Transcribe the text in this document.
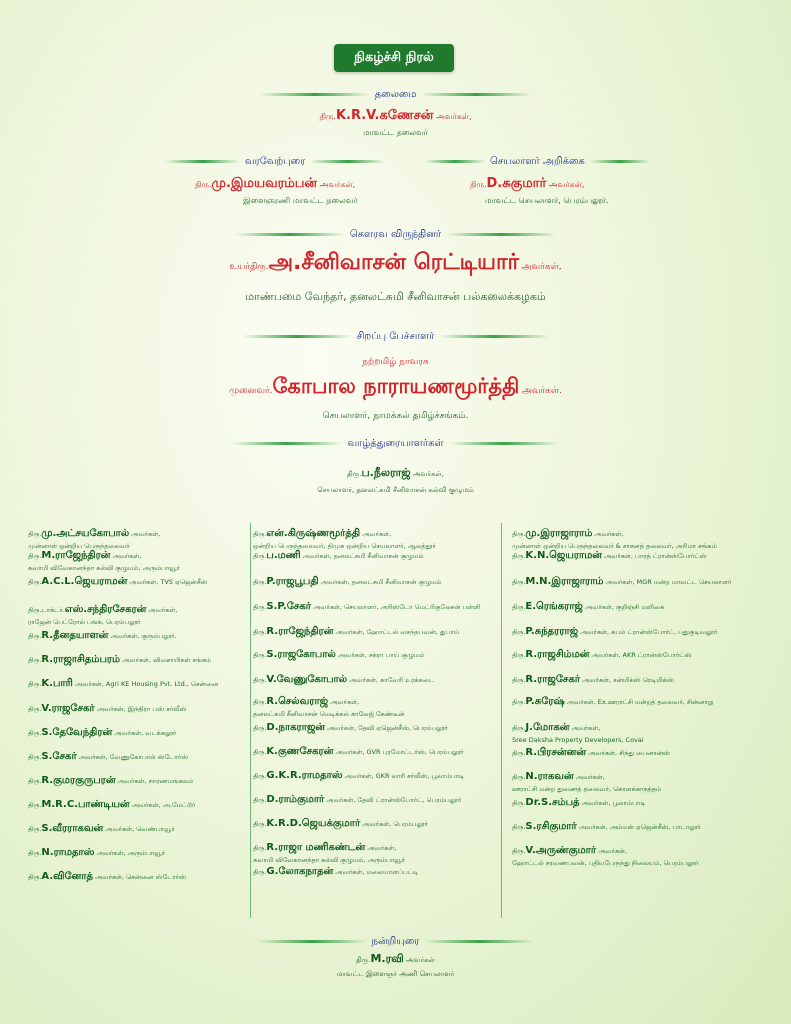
நிகழ்ச்சி நிரல்
தலைமை
திரு.K.R.V.கணேசன் அவர்கள்,
மாவட்ட தலைவர்
வரவேற்புரை
திரு.மு.இமயவரம்பன் அவர்கள்,
இளைஞரணி மாவட்ட தலைவர்
செயலாளர் அறிக்கை
திரு.D.சுகுமார் அவர்கள்,
மாவட்ட செயலாளர், பெரம்பலூர்.
கௌரவ விருந்தினர்
உயர்திரு.அ.சீனிவாசன் ரெட்டியார் அவர்கள்,
மாண்பமை வேந்தர், தனலட்சுமி சீனிவாசன் பல்கலைக்கழகம்
சிறப்பு பேச்சாளர்
நற்றமிழ் நாவரசு
முனைவர்.கோபால நாராயணமூர்த்தி அவர்கள்.
செயலாளர், நாமக்கல் தமிழ்ச்சங்கம்.
வாழ்த்துரையாளர்கள்
திரு.ப.நீலராஜ் அவர்கள்,
செயலாளர், தனலட்சுமி சீனிவாசன் கல்வி குழுமம்
திரு.மு.அட்சயகோபால் அவர்கள்,
முன்னாள் ஒன்றிய பெருந்தலைவர்
திரு.M.ராஜேந்திரன் அவர்கள்,
சுவாமி விவேகானந்தா கல்வி குழுமம், அரும்பாவூர்
திரு.A.C.L.ஜெயராமன் அவர்கள், TVS ஏஜென்சீஸ்
திரு.டாக்டர்.எஸ்.சந்திரசேகரன் அவர்கள்,
ராஜேன் பெட்ரோல் பங்க், பெரம்பலூர்
திரு.R.தீனதயாளன் அவர்கள், குரும்பலூர்.
திரு.R.ராஜாசிதம்பரம் அவர்கள், விவசாயிகள் சங்கம்
திரு.K.பாரி அவர்கள், Agri KE Housing Pvt. Ltd., சென்னை
திரு.V.ராஜசேகர் அவர்கள், இந்திரா பஸ் சர்வீஸ்
திரு.S.தேவேந்திரன் அவர்கள், வடக்கலூர்
திரு.S.சேகர் அவர்கள், வேணுகோபால் ஸ்டோர்ஸ்
திரு.R.குமரகுருபரன் அவர்கள், நாரணமங்கலம்
திரு.M.R.C.பாண்டியன் அவர்கள், அ.மேட்டூர்
திரு.S.வீரராகவன் அவர்கள், வெண்பாவூர்
திரு.N.ராமதாஸ் அவர்கள், அரும்பாவூர்
திரு.A.வினோத் அவர்கள், சென்னை ஸ்டோர்ஸ்
திரு.என்.கிருஷ்ணமூர்த்தி அவர்கள்,
ஒன்றிய பெருந்தலைவர், திமுக ஒன்றிய செயலாளர், ஆலத்தூர்
திரு.ப.மணி அவர்கள், தனலட்சுமி சீனிவாசன் குழுமம்
திரு.P.ராஜபூபதி அவர்கள், தனலட்சுமி சீனிவாசன் குழுமம்
திரு.S.P.சேகர் அவர்கள், செயலாளர், அரிஸ்டோ மெட்ரிகுலேசன் பள்ளி
திரு.R.ராஜேந்திரன் அவர்கள், ஹோட்டல் வசந்தபவன், துபாய்
திரு.S.ராஜகோபால் அவர்கள், சக்ரா பாய் குழுமம்
திரு.V.வேணுகோபால் அவர்கள், காவேரி உரக்கடை
திரு.R.செல்வராஜ் அவர்கள்,
தனலட்சுமி சீனிவாசன் மெடிக்கல் காலேஜ் கேண்டீன்
திரு.D.நாகராஜன் அவர்கள், தேவி ஏஜென்சீஸ், பெரம்பலூர்
திரு.K.குணசேகரன் அவர்கள், GVR புரமோட்டர்ஸ், பெரம்பலூர்
திரு.G.K.R.ராமதாஸ் அவர்கள், GKR லாரி சர்வீஸ், பூலாம்பாடி
திரு.D.ராம்குமார் அவர்கள், தேவி ட்ரான்ஸ்போர்ட், பெரம்பலூர்
திரு.K.R.D.ஜெயக்குமார் அவர்கள், பெரம்பலூர்
திரு.R.ராஜா மணிகண்டன் அவர்கள்,
சுவாமி விவேகானந்தா கல்வி குழுமம், அரும்பாவூர்
திரு.G.லோகநாதன் அவர்கள், மலையாளப்பட்டி
திரு.மு.இராஜாராம் அவர்கள்,
முன்னாள் ஒன்றிய பெருந்தலைவர் & சாசனத் தலைவர், அரிமா சங்கம்
திரு.K.N.ஜெயராமன் அவர்கள், பாரத் ட்ரான்ஸ்போர்ட்ஸ்
திரு.M.N.இராஜாராம் அவர்கள், MGR மன்ற மாவட்ட செயலாளர்
திரு.E.ரெங்கராஜ் அவர்கள், குறிஞ்சி மளிகை
திரு.P.சுந்தரராஜ் அவர்கள், சுபம் ட்ரான்ஸ்போர்ட், புதுகுடிவலூர்
திரு.R.ராஜசிம்மன் அவர்கள், AKR ட்ரான்ஸ்போர்ட்ஸ்
திரு.R.ராஜசேகர் அவர்கள், சன்மிக்ஸ் ரெடிமிக்ஸ்
திரு.P.சுரேஷ் அவர்கள், Ex.ஊராட்சி மன்றத் தலைவர், சின்னாறு
திரு.J.மோகன் அவர்கள்,
Sree Daksha Property Developers, Covai
திரு.R.பிரசன்னன் அவர்கள், சிந்து பைனான்ஸ்
திரு.N.ராகவன் அவர்கள்,
ஊராட்சி மன்ற துணைத் தலைவர், கொளக்காநத்தம்
திரு.Dr.S.சம்பத் அவர்கள், பூலாம்பாடி
திரு.S.ரசிகுமார் அவர்கள், அம்மன் ஏஜென்சீஸ், பாடாலூர்
திரு.V.அருண்குமார் அவர்கள்,
ஹோட்டல் சரவணபவன், புதியபேருந்து நிலையம், பெரம்பலூர்
நன்றியுரை
திரு.M.ரவி அவர்கள்
மாவட்ட இளைஞர் அணி செயலாளர்
